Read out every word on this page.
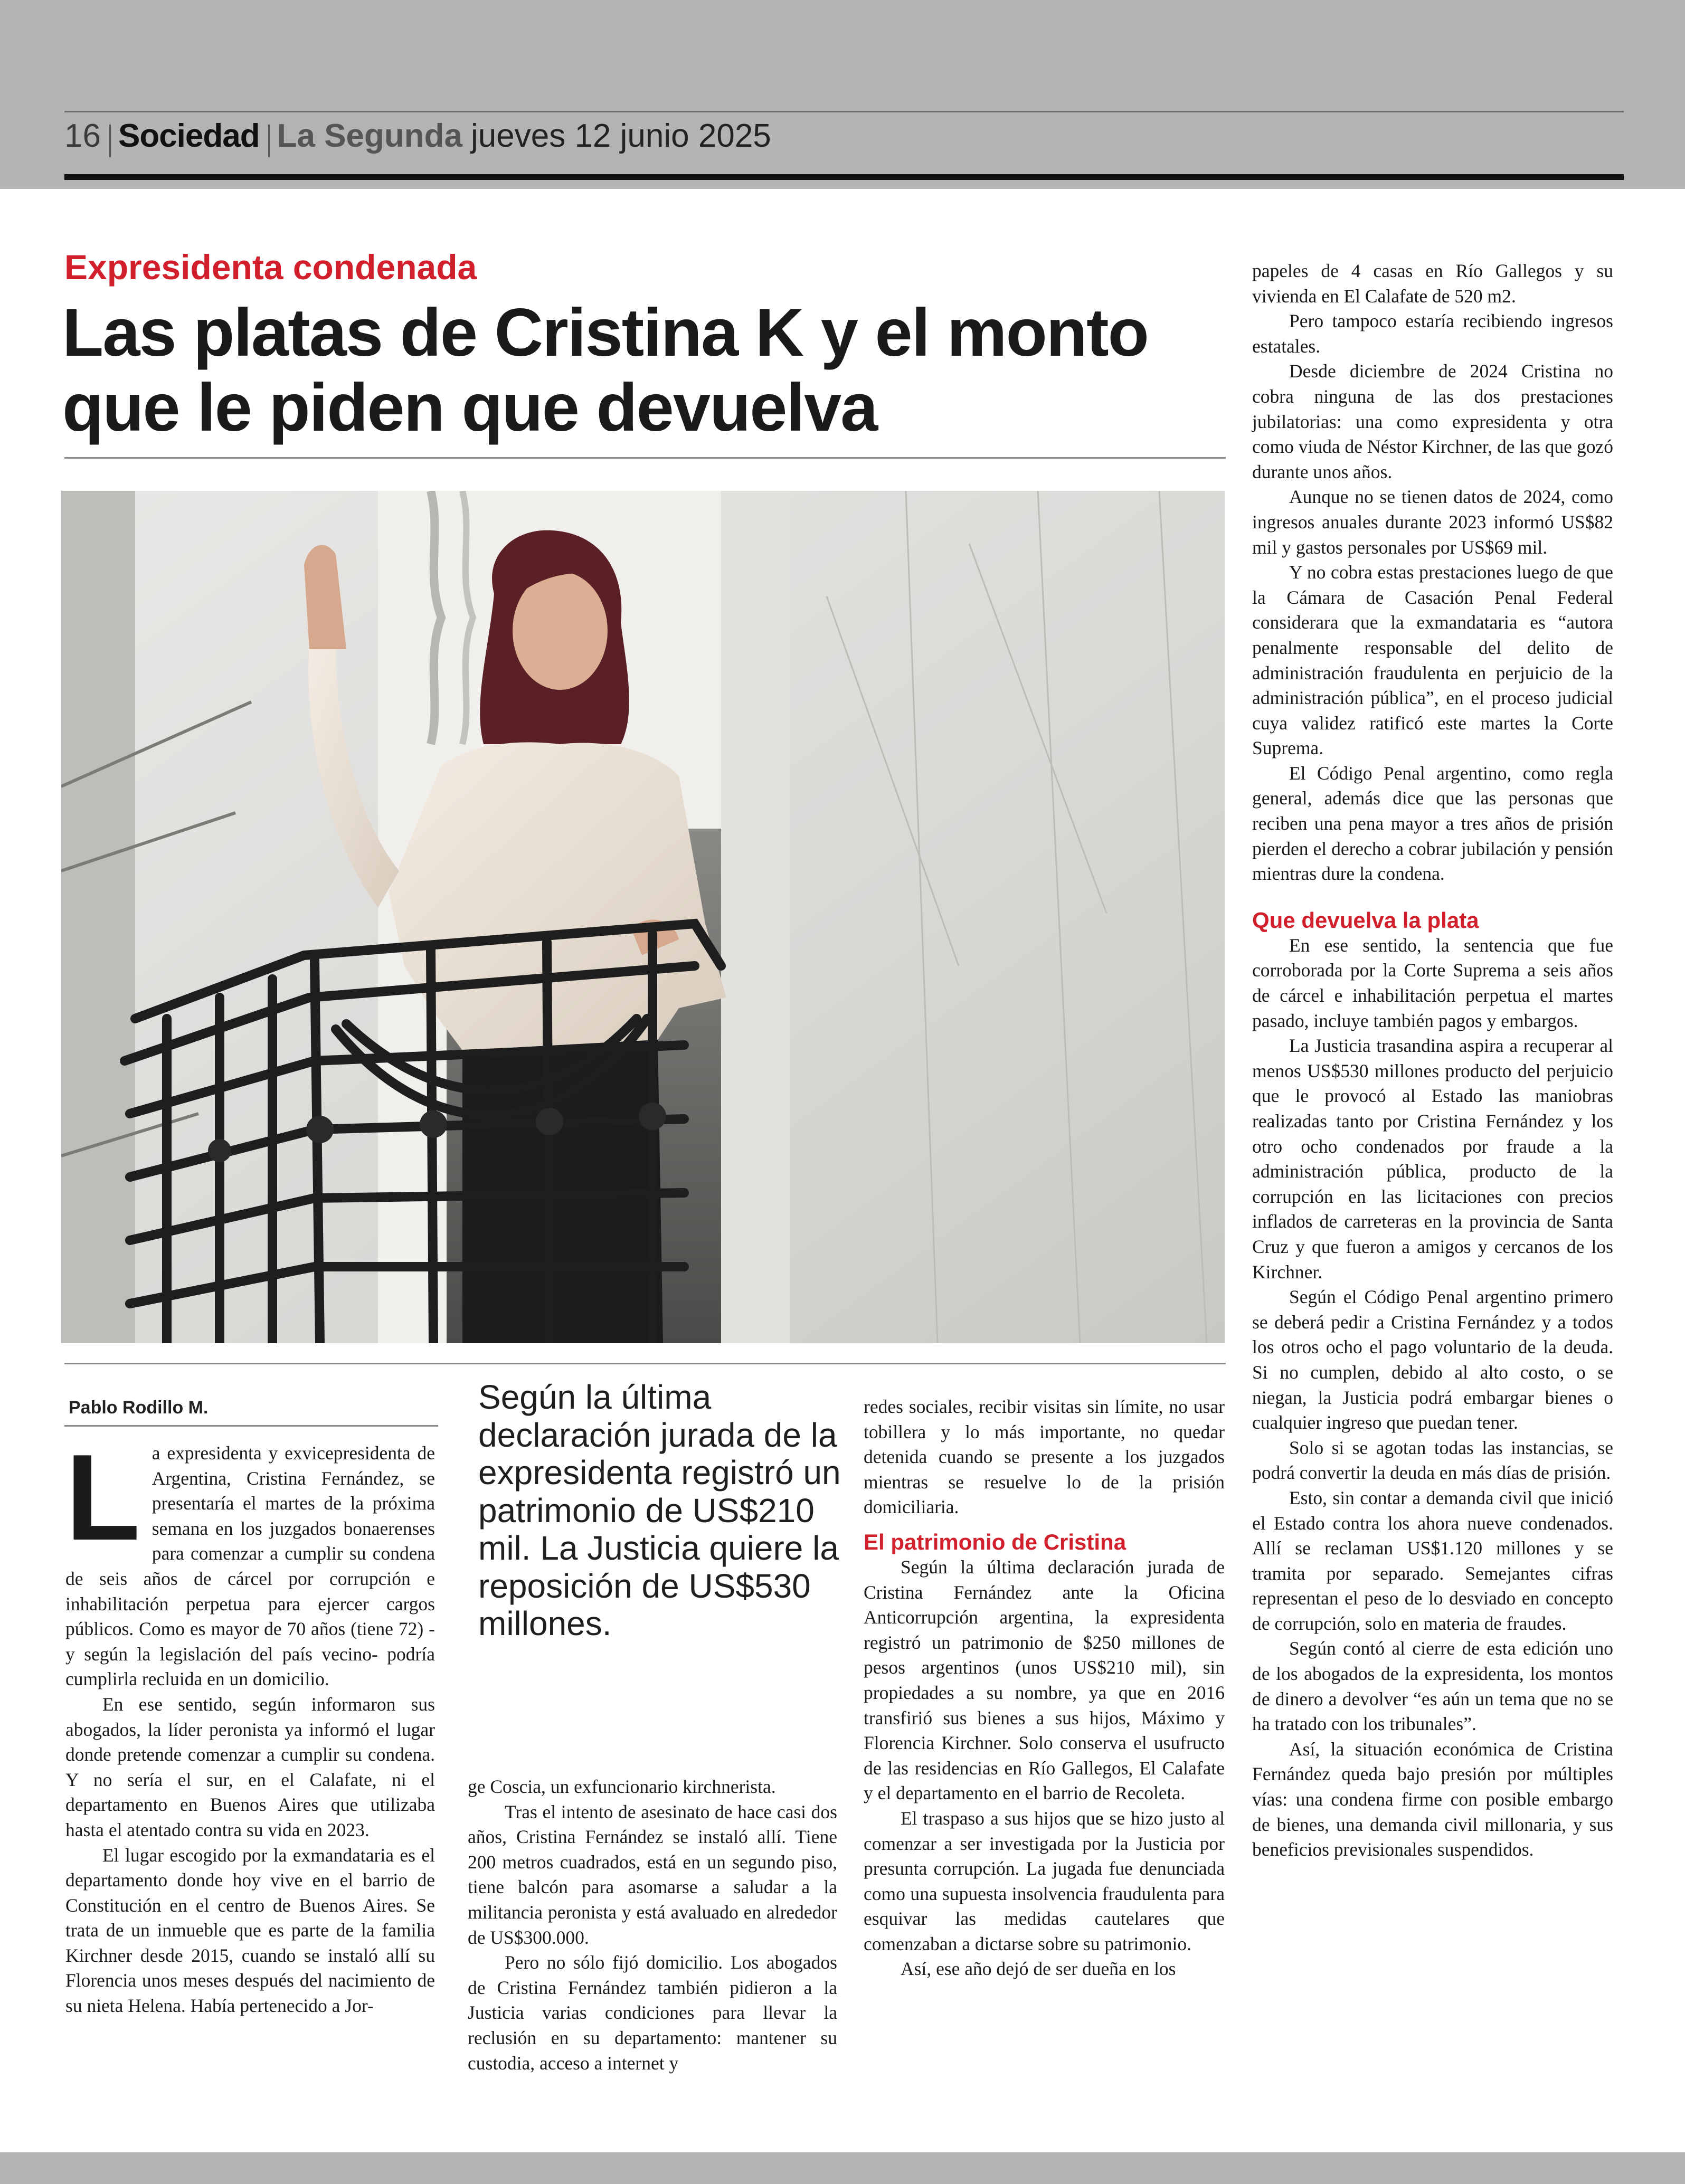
16 Sociedad La Segunda jueves 12 junio 2025
Expresidenta condenada
Las platas de Cristina K y el monto que le piden que devuelva
Pablo Rodillo M.

La expresidenta y exvicepresidenta de Argentina, Cristina Fernández, se presentaría el martes de la próxima semana en los juzgados bonaerenses para comenzar a cumplir su condena de seis años de cárcel por corrupción e inhabilitación perpetua para ejercer cargos públicos. Como es mayor de 70 años (tiene 72) -y según la legislación del país vecino- podría cumplirla recluida en un domicilio.

En ese sentido, según informaron sus abogados, la líder peronista ya informó el lugar donde pretende comenzar a cumplir su condena. Y no sería el sur, en el Calafate, ni el departamento en Buenos Aires que utilizaba hasta el atentado contra su vida en 2023.

El lugar escogido por la exmandataria es el departamento donde hoy vive en el barrio de Constitución en el centro de Buenos Aires. Se trata de un inmueble que es parte de la familia Kirchner desde 2015, cuando se instaló allí su Florencia unos meses después del nacimiento de su nieta Helena. Había pertenecido a Jor-

Según la última declaración jurada de la expresidenta registró un patrimonio de US$210 mil. La Justicia quiere la reposición de US$530 millones.

ge Coscia, un exfuncionario kirchnerista.

Tras el intento de asesinato de hace casi dos años, Cristina Fernández se instaló allí. Tiene 200 metros cuadrados, está en un segundo piso, tiene balcón para asomarse a saludar a la militancia peronista y está avaluado en alrededor de US$300.000.

Pero no sólo fijó domicilio. Los abogados de Cristina Fernández también pidieron a la Justicia varias condiciones para llevar la reclusión en su departamento: mantener su custodia, acceso a internet y

redes sociales, recibir visitas sin límite, no usar tobillera y lo más importante, no quedar detenida cuando se presente a los juzgados mientras se resuelve lo de la prisión domiciliaria.

El patrimonio de Cristina

Según la última declaración jurada de Cristina Fernández ante la Oficina Anticorrupción argentina, la expresidenta registró un patrimonio de $250 millones de pesos argentinos (unos US$210 mil), sin propiedades a su nombre, ya que en 2016 transfirió sus bienes a sus hijos, Máximo y Florencia Kirchner. Solo conserva el usufructo de las residencias en Río Gallegos, El Calafate y el departamento en el barrio de Recoleta.

El traspaso a sus hijos que se hizo justo al comenzar a ser investigada por la Justicia por presunta corrupción. La jugada fue denunciada como una supuesta insolvencia fraudulenta para esquivar las medidas cautelares que comenzaban a dictarse sobre su patrimonio.

Así, ese año dejó de ser dueña en los

papeles de 4 casas en Río Gallegos y su vivienda en El Calafate de 520 m2.

Pero tampoco estaría recibiendo ingresos estatales.

Desde diciembre de 2024 Cristina no cobra ninguna de las dos prestaciones jubilatorias: una como expresidenta y otra como viuda de Néstor Kirchner, de las que gozó durante unos años.

Aunque no se tienen datos de 2024, como ingresos anuales durante 2023 informó US$82 mil y gastos personales por US$69 mil.

Y no cobra estas prestaciones luego de que la Cámara de Casación Penal Federal considerara que la exmandataria es “autora penalmente responsable del delito de administración fraudulenta en perjuicio de la administración pública”, en el proceso judicial cuya validez ratificó este martes la Corte Suprema.

El Código Penal argentino, como regla general, además dice que las personas que reciben una pena mayor a tres años de prisión pierden el derecho a cobrar jubilación y pensión mientras dure la condena.

Que devuelva la plata

En ese sentido, la sentencia que fue corroborada por la Corte Suprema a seis años de cárcel e inhabilitación perpetua el martes pasado, incluye también pagos y embargos.

La Justicia trasandina aspira a recuperar al menos US$530 millones producto del perjuicio que le provocó al Estado las maniobras realizadas tanto por Cristina Fernández y los otro ocho condenados por fraude a la administración pública, producto de la corrupción en las licitaciones con precios inflados de carreteras en la provincia de Santa Cruz y que fueron a amigos y cercanos de los Kirchner.

Según el Código Penal argentino primero se deberá pedir a Cristina Fernández y a todos los otros ocho el pago voluntario de la deuda. Si no cumplen, debido al alto costo, o se niegan, la Justicia podrá embargar bienes o cualquier ingreso que puedan tener.

Solo si se agotan todas las instancias, se podrá convertir la deuda en más días de prisión.

Esto, sin contar a demanda civil que inició el Estado contra los ahora nueve condenados. Allí se reclaman US$1.120 millones y se tramita por separado. Semejantes cifras representan el peso de lo desviado en concepto de corrupción, solo en materia de fraudes.

Según contó al cierre de esta edición uno de los abogados de la expresidenta, los montos de dinero a devolver “es aún un tema que no se ha tratado con los tribunales”.

Así, la situación económica de Cristina Fernández queda bajo presión por múltiples vías: una condena firme con posible embargo de bienes, una demanda civil millonaria, y sus beneficios previsionales suspendidos.
